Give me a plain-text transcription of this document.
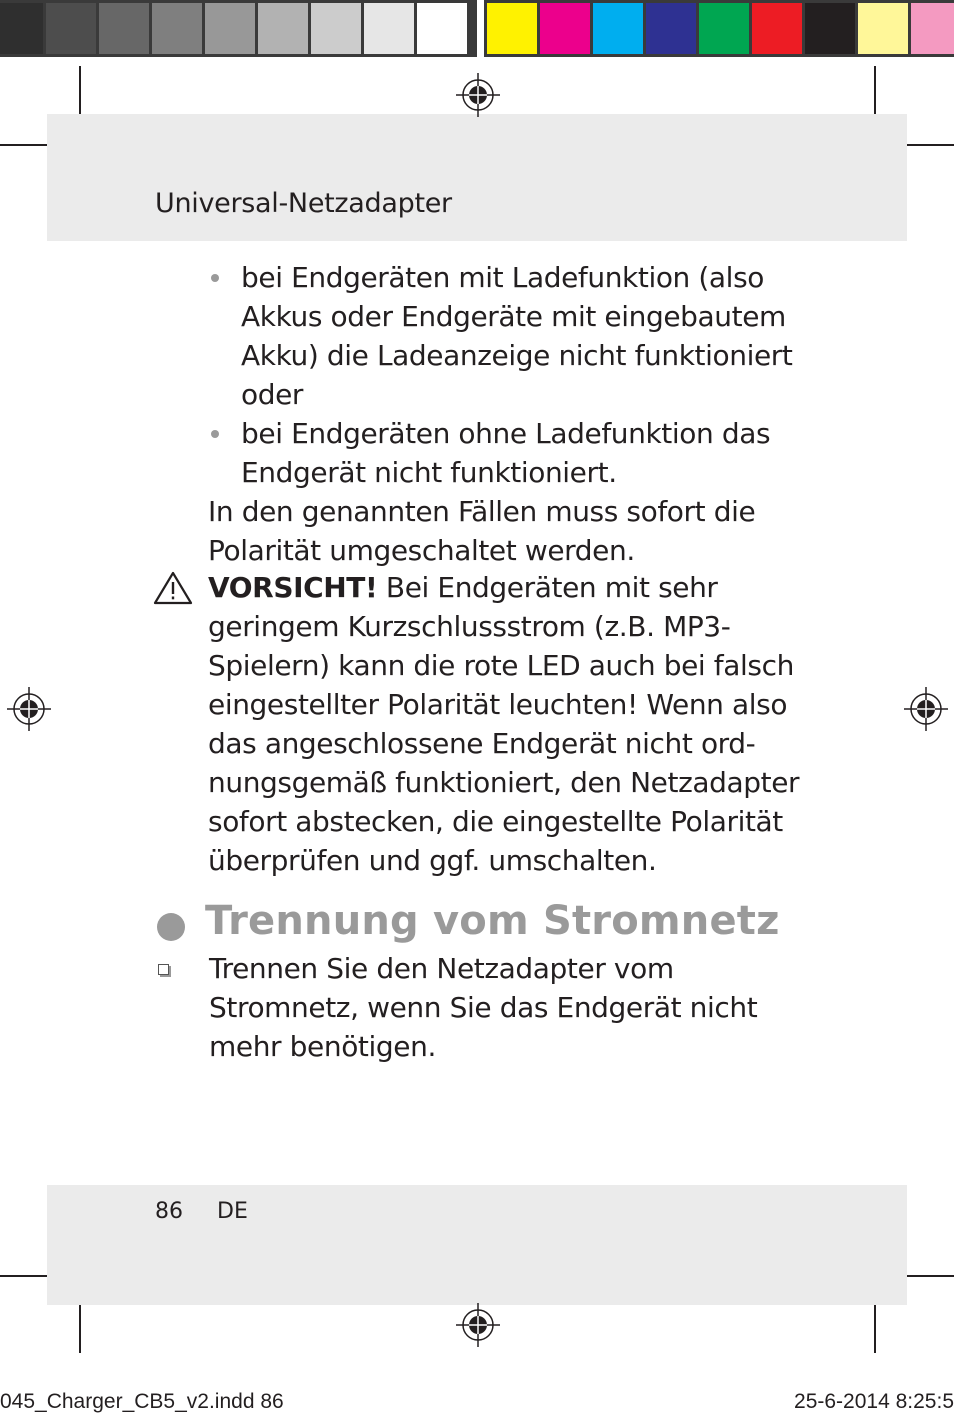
Universal-Netzadapter
bei Endgeräten mit Ladefunktion (also
Akkus oder Endgeräte mit eingebautem
Akku) die Ladeanzeige nicht funktioniert
oder
bei Endgeräten ohne Ladefunktion das
Endgerät nicht funktioniert.
In den genannten Fällen muss sofort die
Polarität umgeschaltet werden.
VORSICHT! Bei Endgeräten mit sehr
geringem Kurzschlussstrom (z.B. MP3-
Spielern) kann die rote LED auch bei falsch
eingestellter Polarität leuchten! Wenn also
das angeschlossene Endgerät nicht ord-
nungsgemäß funktioniert, den Netzadapter
sofort abstecken, die eingestellte Polarität
überprüfen und ggf. umschalten.
Trennung vom Stromnetz
Trennen Sie den Netzadapter vom
Stromnetz, wenn Sie das Endgerät nicht
mehr benötigen.
86 DE
045_Charger_CB5_v2.indd 86	25-6-2014 8:25:5
